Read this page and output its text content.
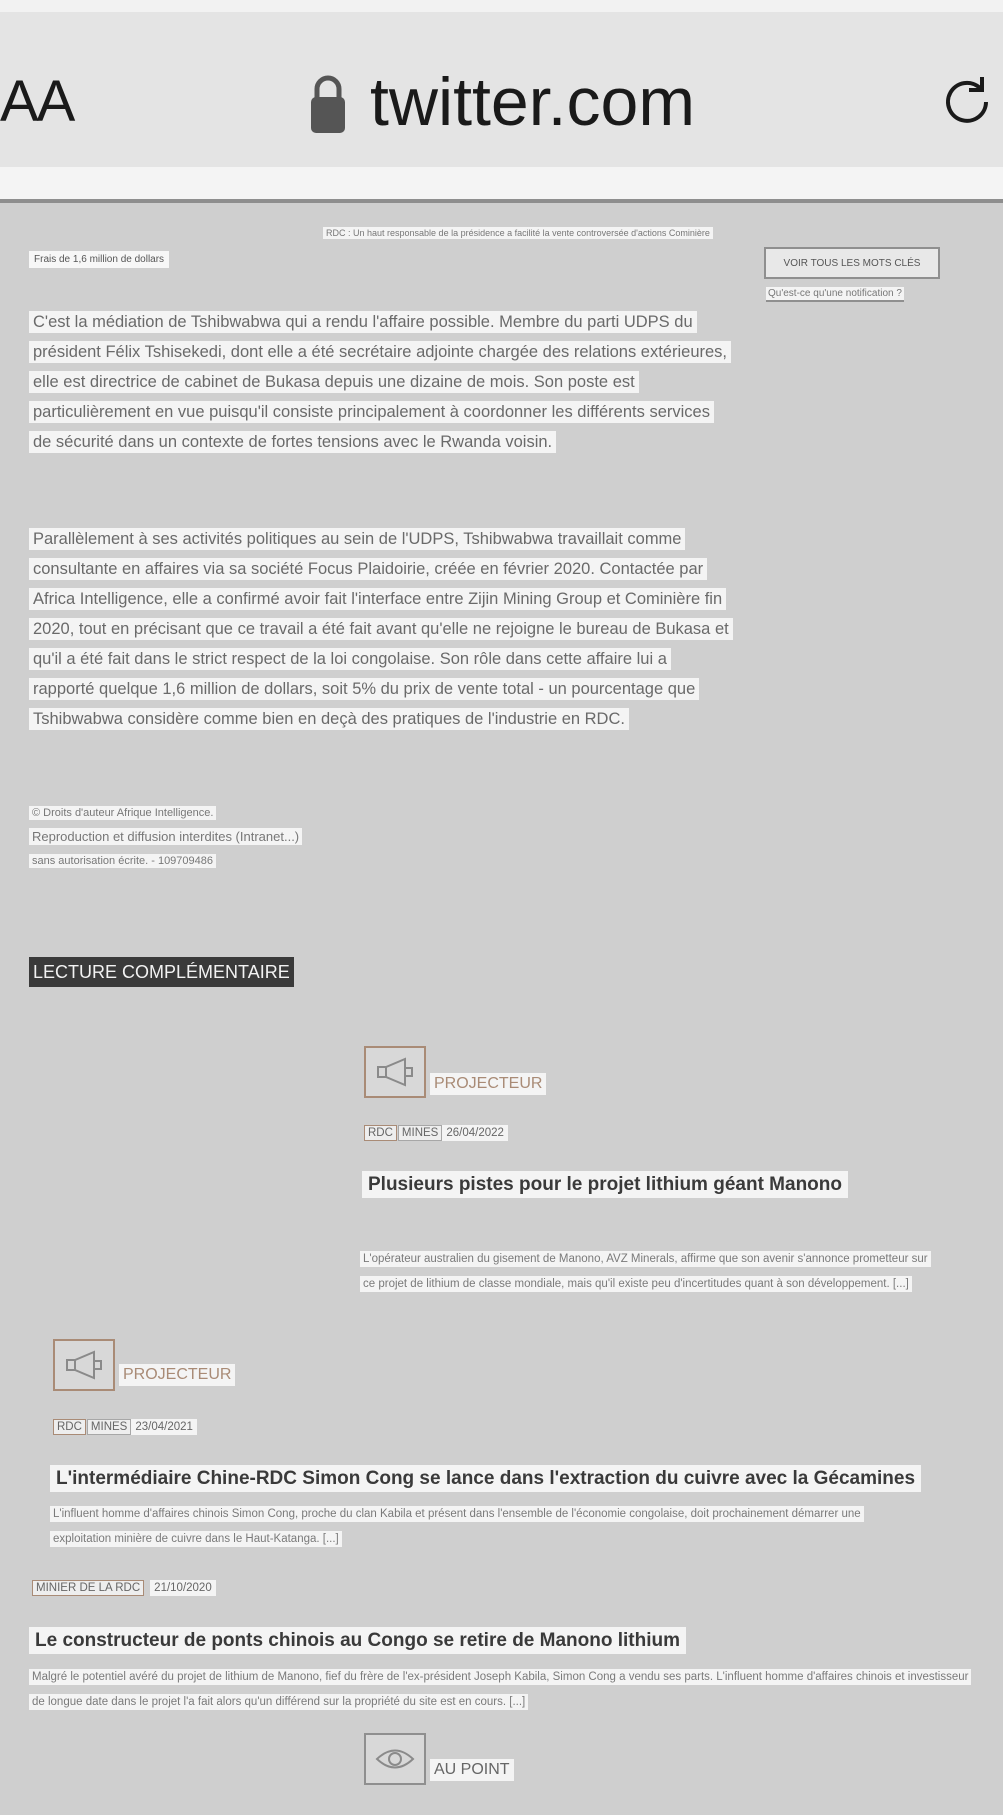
AA	twitter.com
RDC : Un haut responsable de la présidence a facilité la vente controversée d'actions Cominière
VOIR TOUS LES MOTS CLÉS
Qu'est-ce qu'une notification ?
Frais de 1,6 million de dollars

C'est la médiation de Tshibwabwa qui a rendu l'affaire possible. Membre du parti UDPS du président Félix Tshisekedi, dont elle a été secrétaire adjointe chargée des relations extérieures, elle est directrice de cabinet de Bukasa depuis une dizaine de mois. Son poste est particulièrement en vue puisqu'il consiste principalement à coordonner les différents services de sécurité dans un contexte de fortes tensions avec le Rwanda voisin.

Parallèlement à ses activités politiques au sein de l'UDPS, Tshibwabwa travaillait comme consultante en affaires via sa société Focus Plaidoirie, créée en février 2020. Contactée par Africa Intelligence, elle a confirmé avoir fait l'interface entre Zijin Mining Group et Cominière fin 2020, tout en précisant que ce travail a été fait avant qu'elle ne rejoigne le bureau de Bukasa et qu'il a été fait dans le strict respect de la loi congolaise. Son rôle dans cette affaire lui a rapporté quelque 1,6 million de dollars, soit 5% du prix de vente total - un pourcentage que Tshibwabwa considère comme bien en deçà des pratiques de l'industrie en RDC.

© Droits d'auteur Afrique Intelligence.
Reproduction et diffusion interdites (Intranet...)
sans autorisation écrite. - 109709486
LECTURE COMPLÉMENTAIRE
PROJECTEUR
RDC MINES 26/04/2022
Plusieurs pistes pour le projet lithium géant Manono

L'opérateur australien du gisement de Manono, AVZ Minerals, affirme que son avenir s'annonce prometteur sur ce projet de lithium de classe mondiale, mais qu'il existe peu d'incertitudes quant à son développement. [...]

PROJECTEUR
RDC MINES 23/04/2021
L'intermédiaire Chine-RDC Simon Cong se lance dans l'extraction du cuivre avec la Gécamines

L'influent homme d'affaires chinois Simon Cong, proche du clan Kabila et présent dans l'ensemble de l'économie congolaise, doit prochainement démarrer une exploitation minière de cuivre dans le Haut-Katanga. [...]

MINIER DE LA RDC	21/10/2020
Le constructeur de ponts chinois au Congo se retire de Manono lithium

Malgré le potentiel avéré du projet de lithium de Manono, fief du frère de l'ex-président Joseph Kabila, Simon Cong a vendu ses parts. L'influent homme d'affaires chinois et investisseur de longue date dans le projet l'a fait alors qu'un différend sur la propriété du site est en cours. [...]

AU POINT
